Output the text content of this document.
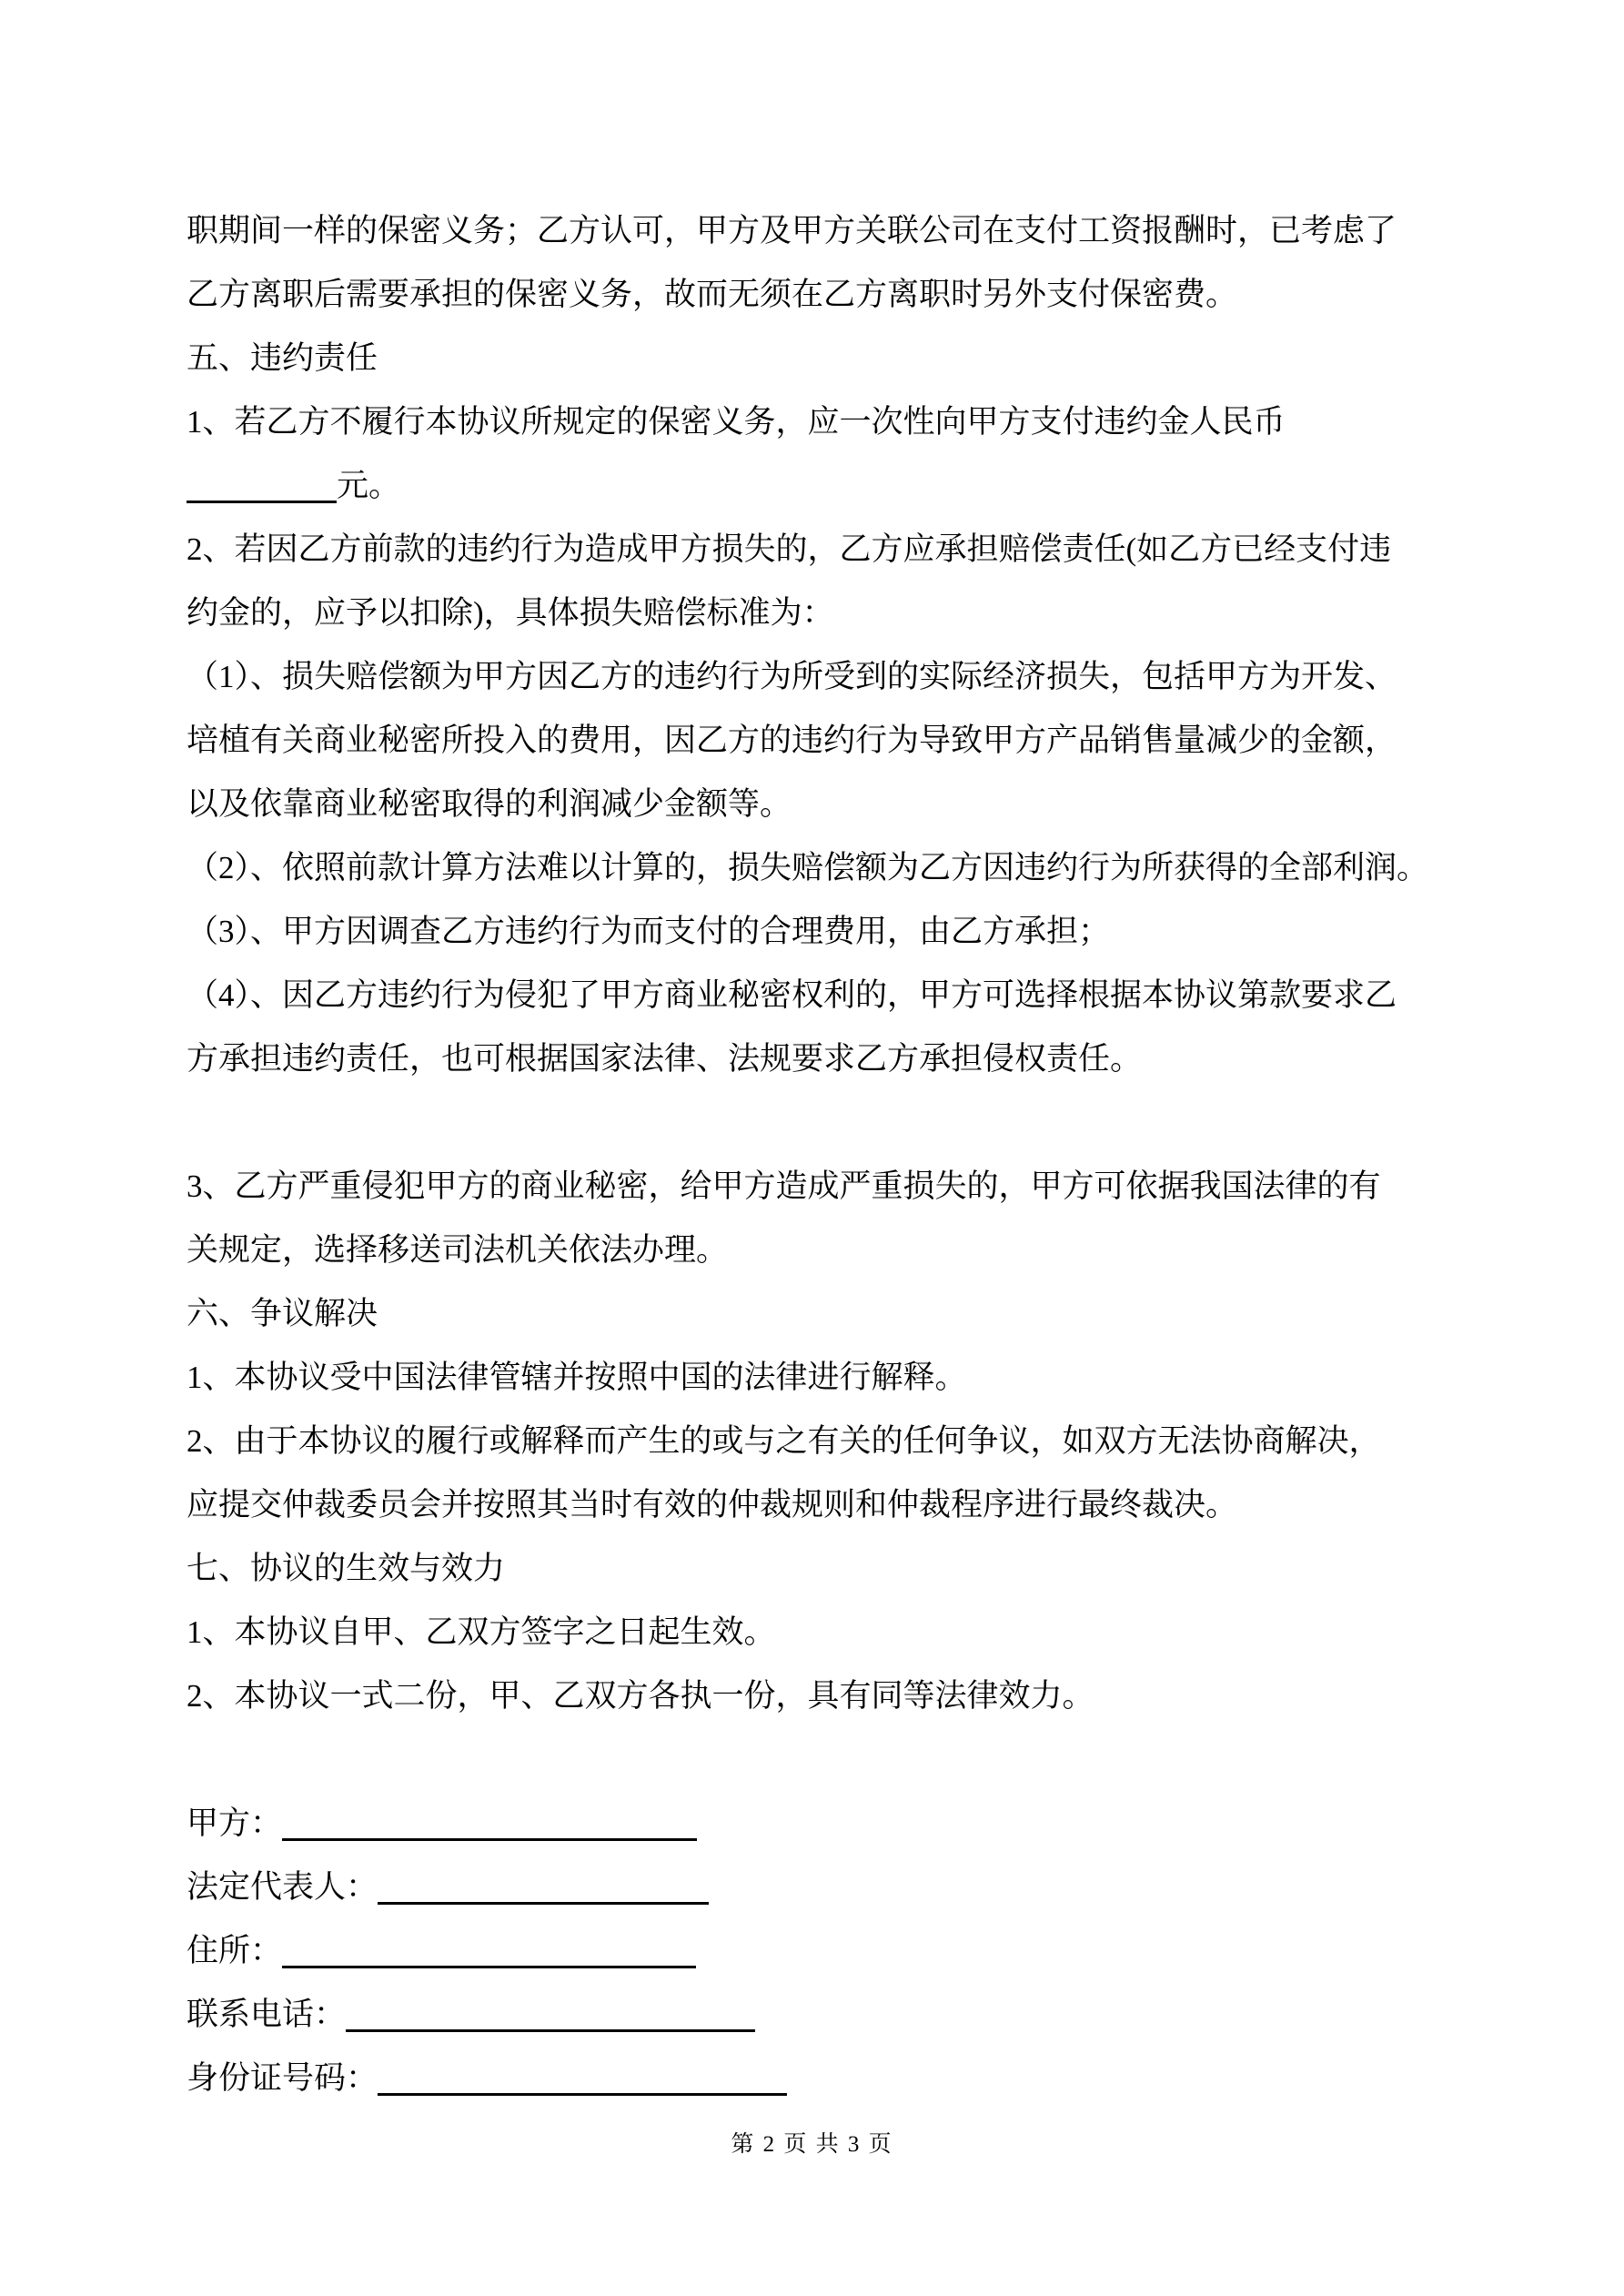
职期间一样的保密义务；乙方认可，甲方及甲方关联公司在支付工资报酬时，已考虑了
乙方离职后需要承担的保密义务，故而无须在乙方离职时另外支付保密费。
五、违约责任
1、若乙方不履行本协议所规定的保密义务，应一次性向甲方支付违约金人民币
元。
2、若因乙方前款的违约行为造成甲方损失的，乙方应承担赔偿责任(如乙方已经支付违
约金的，应予以扣除)，具体损失赔偿标准为：
（1）、损失赔偿额为甲方因乙方的违约行为所受到的实际经济损失，包括甲方为开发、
培植有关商业秘密所投入的费用，因乙方的违约行为导致甲方产品销售量减少的金额，
以及依靠商业秘密取得的利润减少金额等。
（2）、依照前款计算方法难以计算的，损失赔偿额为乙方因违约行为所获得的全部利润。
（3）、甲方因调查乙方违约行为而支付的合理费用，由乙方承担；
（4）、因乙方违约行为侵犯了甲方商业秘密权利的，甲方可选择根据本协议第款要求乙
方承担违约责任，也可根据国家法律、法规要求乙方承担侵权责任。
3、乙方严重侵犯甲方的商业秘密，给甲方造成严重损失的，甲方可依据我国法律的有
关规定，选择移送司法机关依法办理。
六、争议解决
1、本协议受中国法律管辖并按照中国的法律进行解释。
2、由于本协议的履行或解释而产生的或与之有关的任何争议，如双方无法协商解决，
应提交仲裁委员会并按照其当时有效的仲裁规则和仲裁程序进行最终裁决。
七、协议的生效与效力
1、本协议自甲、乙双方签字之日起生效。
2、本协议一式二份，甲、乙双方各执一份，具有同等法律效力。
甲方：
法定代表人：
住所：
联系电话：
身份证号码：
第 2 页 共 3 页
